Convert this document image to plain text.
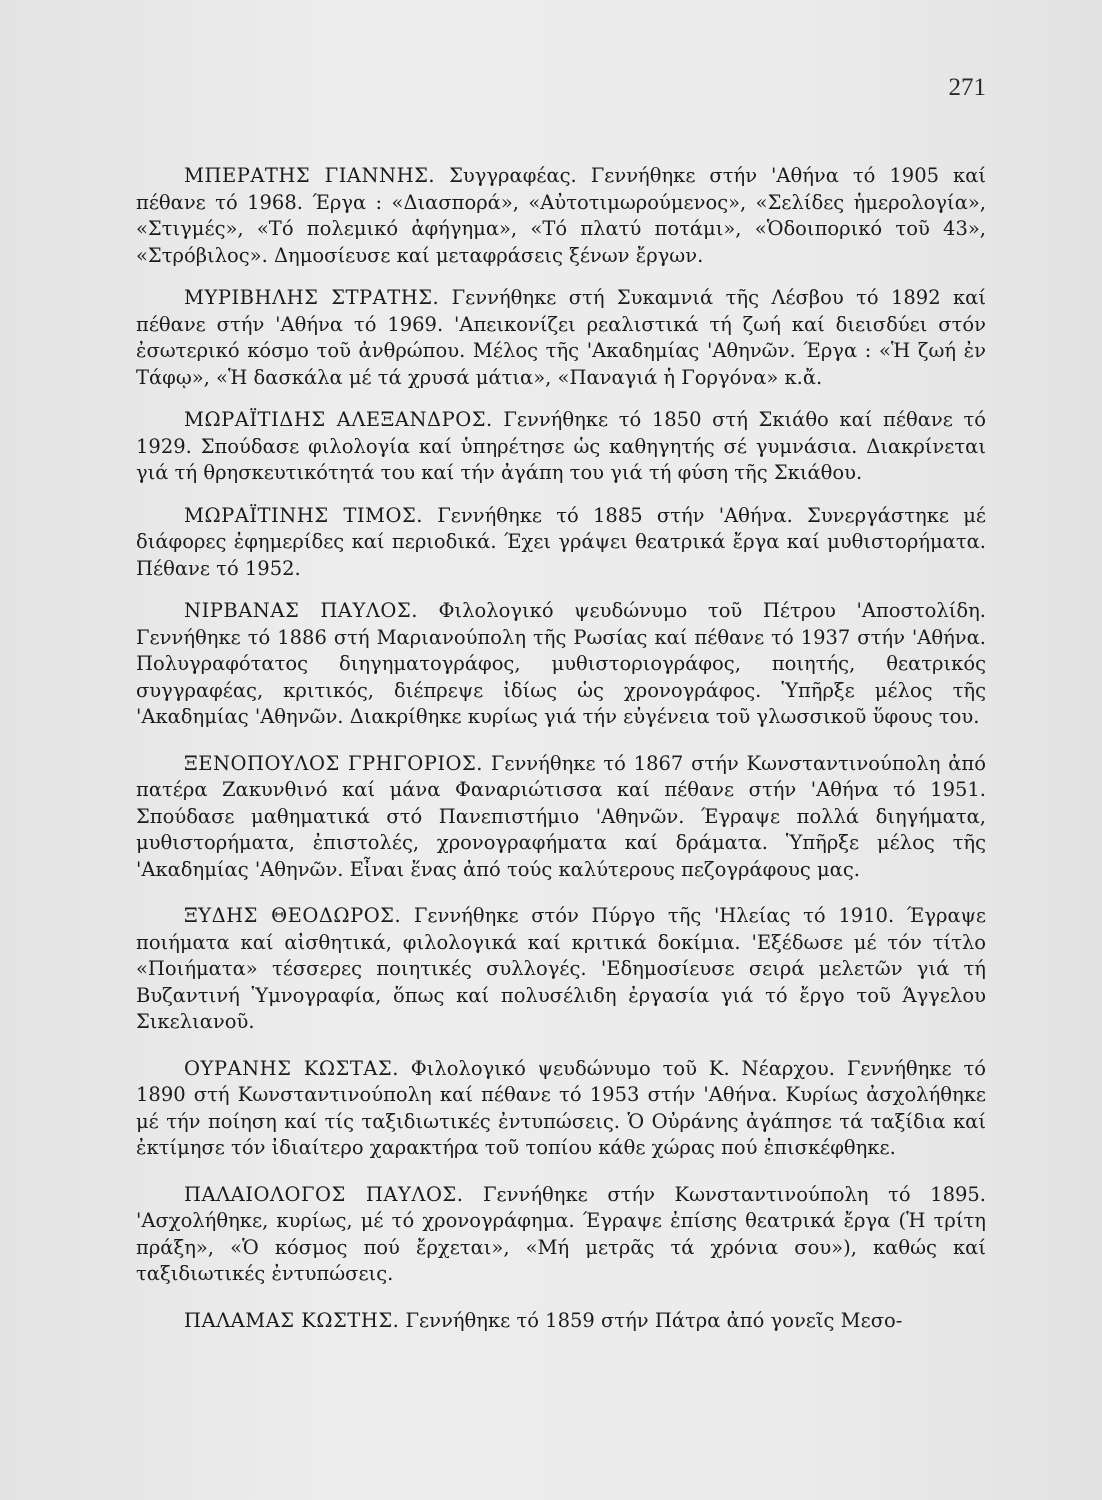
271

ΜΠΕΡΑΤΗΣ ΓΙΑΝΝΗΣ. Συγγραφέας. Γεννήθηκε στήν 'Αθήνα τό 1905 καί πέθανε τό 1968. Έργα : «Διασπορά», «Αὐτοτιμωρούμενος», «Σελίδες ἡμερολογία», «Στιγμές», «Τό πολεμικό ἀφήγημα», «Τό πλατύ ποτάμι», «Ὁδοιπορικό τοῦ 43», «Στρόβιλος». Δημοσίευσε καί μεταφράσεις ξένων ἔργων.

ΜΥΡΙΒΗΛΗΣ ΣΤΡΑΤΗΣ. Γεννήθηκε στή Συκαμνιά τῆς Λέσβου τό 1892 καί πέθανε στήν 'Αθήνα τό 1969. 'Απεικονίζει ρεαλιστικά τή ζωή καί διεισδύει στόν ἐσωτερικό κόσμο τοῦ ἀνθρώπου. Μέλος τῆς 'Ακαδημίας 'Αθηνῶν. Έργα : «Ἡ ζωή ἐν Τάφῳ», «Ἡ δασκάλα μέ τά χρυσά μάτια», «Παναγιά ἡ Γοργόνα» κ.ἄ.

ΜΩΡΑΪΤΙΔΗΣ ΑΛΕΞΑΝΔΡΟΣ. Γεννήθηκε τό 1850 στή Σκιάθο καί πέθανε τό 1929. Σπούδασε φιλολογία καί ὑπηρέτησε ὡς καθηγητής σέ γυμνάσια. Διακρίνεται γιά τή θρησκευτικότητά του καί τήν ἀγάπη του γιά τή φύση τῆς Σκιάθου.

ΜΩΡΑΪΤΙΝΗΣ ΤΙΜΟΣ. Γεννήθηκε τό 1885 στήν 'Αθήνα. Συνεργάστηκε μέ διάφορες ἐφημερίδες καί περιοδικά. Έχει γράψει θεατρικά ἔργα καί μυθιστορήματα. Πέθανε τό 1952.

ΝΙΡΒΑΝΑΣ ΠΑΥΛΟΣ. Φιλολογικό ψευδώνυμο τοῦ Πέτρου 'Αποστολίδη. Γεννήθηκε τό 1886 στή Μαριανούπολη τῆς Ρωσίας καί πέθανε τό 1937 στήν 'Αθήνα. Πολυγραφότατος διηγηματογράφος, μυθιστοριογράφος, ποιητής, θεατρικός συγγραφέας, κριτικός, διέπρεψε ἰδίως ὡς χρονογράφος. Ὑπῆρξε μέλος τῆς 'Ακαδημίας 'Αθηνῶν. Διακρίθηκε κυρίως γιά τήν εὐγένεια τοῦ γλωσσικοῦ ὕφους του.

ΞΕΝΟΠΟΥΛΟΣ ΓΡΗΓΟΡΙΟΣ. Γεννήθηκε τό 1867 στήν Κωνσταντινούπολη ἀπό πατέρα Ζακυνθινό καί μάνα Φαναριώτισσα καί πέθανε στήν 'Αθήνα τό 1951. Σπούδασε μαθηματικά στό Πανεπιστήμιο 'Αθηνῶν. Έγραψε πολλά διηγήματα, μυθιστορήματα, ἐπιστολές, χρονογραφήματα καί δράματα. Ὑπῆρξε μέλος τῆς 'Ακαδημίας 'Αθηνῶν. Εἶναι ἕνας ἀπό τούς καλύτερους πεζογράφους μας.

ΞΥΔΗΣ ΘΕΟΔΩΡΟΣ. Γεννήθηκε στόν Πύργο τῆς 'Ηλείας τό 1910. Έγραψε ποιήματα καί αἰσθητικά, φιλολογικά καί κριτικά δοκίμια. 'Εξέδωσε μέ τόν τίτλο «Ποιήματα» τέσσερες ποιητικές συλλογές. 'Εδημοσίευσε σειρά μελετῶν γιά τή Βυζαντινή Ὑμνογραφία, ὅπως καί πολυσέλιδη ἐργασία γιά τό ἔργο τοῦ Άγγελου Σικελιανοῦ.

ΟΥΡΑΝΗΣ ΚΩΣΤΑΣ. Φιλολογικό ψευδώνυμο τοῦ Κ. Νέαρχου. Γεννήθηκε τό 1890 στή Κωνσταντινούπολη καί πέθανε τό 1953 στήν 'Αθήνα. Κυρίως ἀσχολήθηκε μέ τήν ποίηση καί τίς ταξιδιωτικές ἐντυπώσεις. Ὁ Οὐράνης ἀγάπησε τά ταξίδια καί ἐκτίμησε τόν ἰδιαίτερο χαρακτήρα τοῦ τοπίου κάθε χώρας πού ἐπισκέφθηκε.

ΠΑΛΑΙΟΛΟΓΟΣ ΠΑΥΛΟΣ. Γεννήθηκε στήν Κωνσταντινούπολη τό 1895. 'Ασχολήθηκε, κυρίως, μέ τό χρονογράφημα. Έγραψε ἐπίσης θεατρικά ἔργα (Ἡ τρίτη πράξη», «Ὁ κόσμος πού ἔρχεται», «Μή μετρᾶς τά χρόνια σου»), καθώς καί ταξιδιωτικές ἐντυπώσεις.

ΠΑΛΑΜΑΣ ΚΩΣΤΗΣ. Γεννήθηκε τό 1859 στήν Πάτρα ἀπό γονεῖς Μεσο-
